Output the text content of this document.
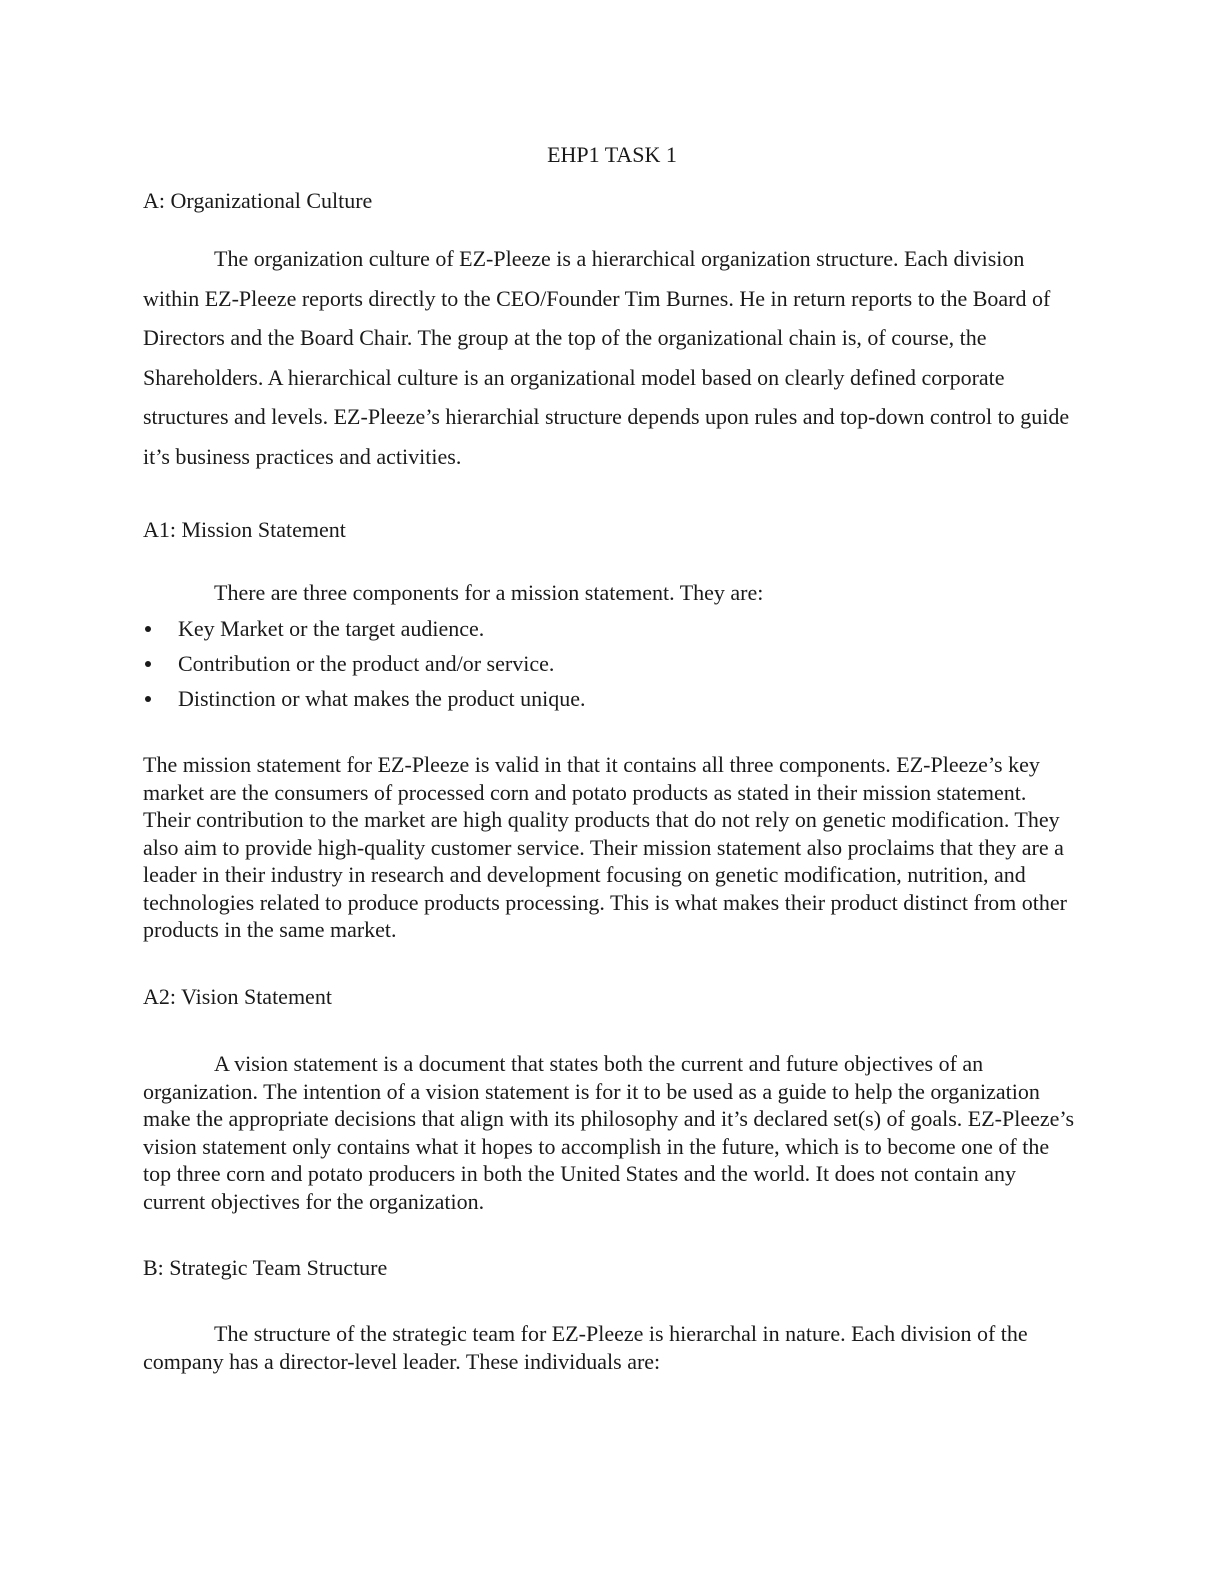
EHP1 TASK 1
A: Organizational Culture

The organization culture of EZ-Pleeze is a hierarchical organization structure. Each division within EZ-Pleeze reports directly to the CEO/Founder Tim Burnes. He in return reports to the Board of Directors and the Board Chair. The group at the top of the organizational chain is, of course, the Shareholders. A hierarchical culture is an organizational model based on clearly defined corporate structures and levels. EZ-Pleeze’s hierarchial structure depends upon rules and top-down control to guide it’s business practices and activities.

A1: Mission Statement

There are three components for a mission statement. They are:

Key Market or the target audience.
Contribution or the product and/or service.
Distinction or what makes the product unique.

The mission statement for EZ-Pleeze is valid in that it contains all three components. EZ-Pleeze’s key market are the consumers of processed corn and potato products as stated in their mission statement. Their contribution to the market are high quality products that do not rely on genetic modification. They also aim to provide high-quality customer service. Their mission statement also proclaims that they are a leader in their industry in research and development focusing on genetic modification, nutrition, and technologies related to produce products processing. This is what makes their product distinct from other products in the same market.

A2: Vision Statement

A vision statement is a document that states both the current and future objectives of an organization. The intention of a vision statement is for it to be used as a guide to help the organization make the appropriate decisions that align with its philosophy and it’s declared set(s) of goals. EZ-Pleeze’s vision statement only contains what it hopes to accomplish in the future, which is to become one of the top three corn and potato producers in both the United States and the world. It does not contain any current objectives for the organization.

B: Strategic Team Structure

The structure of the strategic team for EZ-Pleeze is hierarchal in nature. Each division of the company has a director-level leader. These individuals are:
